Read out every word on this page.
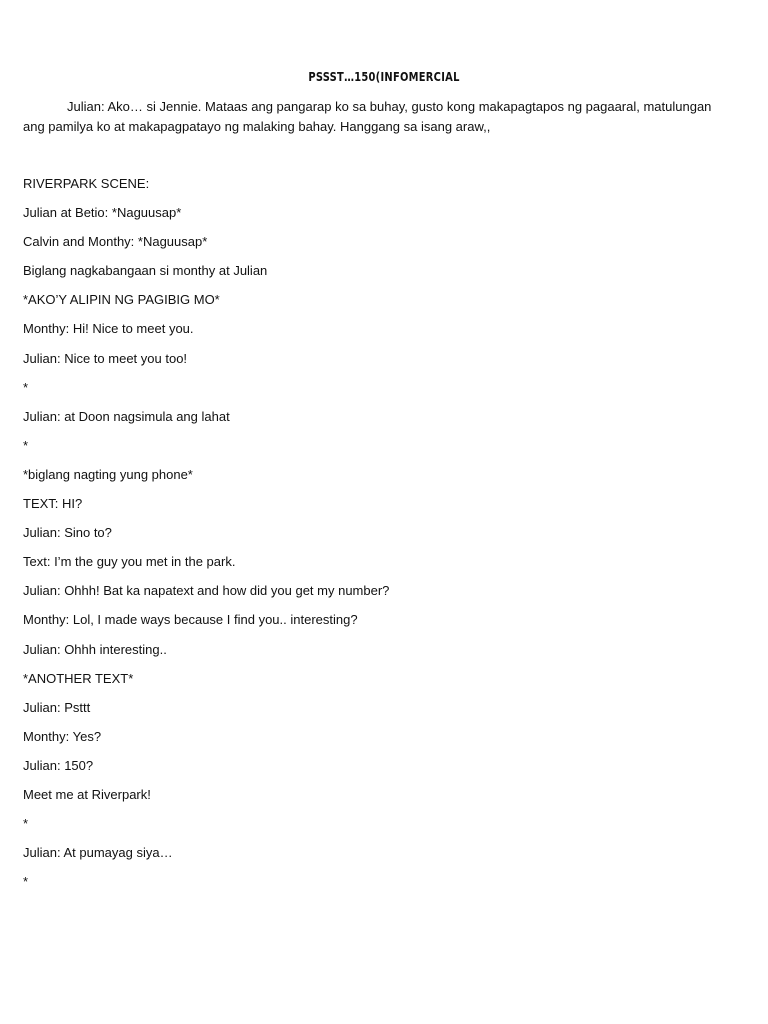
PSSST…150(INFOMERCIAL
Julian: Ako… si Jennie. Mataas ang pangarap ko sa buhay, gusto kong makapagtapos ng pagaaral, matulungan ang pamilya ko at makapagpatayo ng malaking bahay. Hanggang sa isang araw,,
RIVERPARK SCENE:
Julian at Betio: *Naguusap*
Calvin and Monthy: *Naguusap*
Biglang nagkabangaan si monthy at Julian
*AKO’Y ALIPIN NG PAGIBIG MO*
Monthy: Hi! Nice to meet you.
Julian: Nice to meet you too!
*
Julian: at Doon nagsimula ang lahat
*
*biglang nagting yung phone*
TEXT: HI?
Julian: Sino to?
Text: I’m the guy you met in the park.
Julian: Ohhh! Bat ka napatext and how did you get my number?
Monthy: Lol, I made ways because I find you.. interesting?
Julian: Ohhh interesting..
*ANOTHER TEXT*
Julian: Psttt
Monthy: Yes?
Julian: 150?
Meet me at Riverpark!
*
Julian: At pumayag siya…
*
